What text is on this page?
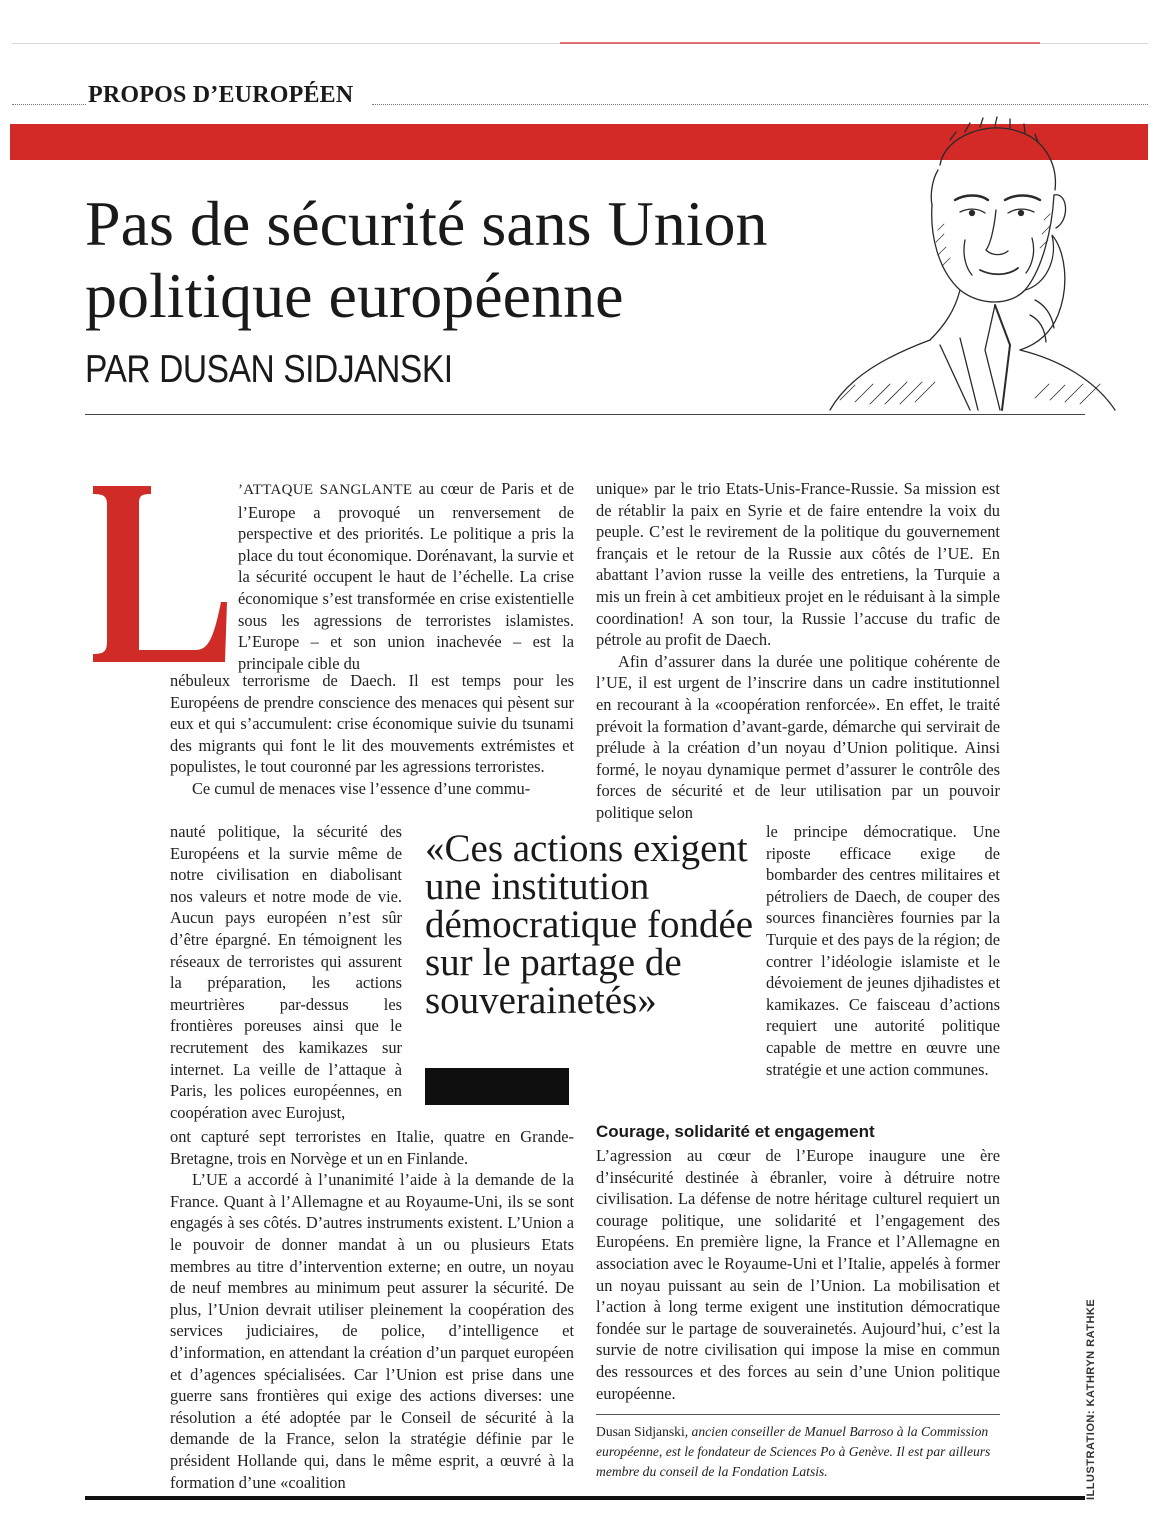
PROPOS D’EUROPÉEN
Pas de sécurité sans Union politique européenne
PAR DUSAN SIDJANSKI
’ATTAQUE SANGLANTE au cœur de Paris et de l’Europe a provoqué un renversement de perspective et des priorités. Le politique a pris la place du tout économique. Dorénavant, la survie et la sécurité occupent le haut de l’échelle. La crise économique s’est transformée en crise existentielle sous les agressions de terroristes islamistes. L’Europe – et son union inachevée – est la principale cible du

nébuleux terrorisme de Daech. Il est temps pour les Européens de prendre conscience des menaces qui pèsent sur eux et qui s’accumulent: crise économique suivie du tsunami des migrants qui font le lit des mouvements extrémistes et populistes, le tout couronné par les agressions terroristes.

Ce cumul de menaces vise l’essence d’une commu-

nauté politique, la sécurité des Européens et la survie même de notre civilisation en diabolisant nos valeurs et notre mode de vie. Aucun pays européen n’est sûr d’être épargné. En témoignent les réseaux de terroristes qui assurent la préparation, les actions meurtrières par-dessus les frontières poreuses ainsi que le recrutement des kamikazes sur internet. La veille de l’attaque à Paris, les polices européennes, en coopération avec Eurojust,

ont capturé sept terroristes en Italie, quatre en Grande-Bretagne, trois en Norvège et un en Finlande.

L’UE a accordé à l’unanimité l’aide à la demande de la France. Quant à l’Allemagne et au Royaume-Uni, ils se sont engagés à ses côtés. D’autres instruments existent. L’Union a le pouvoir de donner mandat à un ou plusieurs Etats membres au titre d’intervention externe; en outre, un noyau de neuf membres au minimum peut assurer la sécurité. De plus, l’Union devrait utiliser pleinement la coopération des services judiciaires, de police, d’intelligence et d’information, en attendant la création d’un parquet européen et d’agences spécialisées. Car l’Union est prise dans une guerre sans frontières qui exige des actions diverses: une résolution a été adoptée par le Conseil de sécurité à la demande de la France, selon la stratégie définie par le président Hollande qui, dans le même esprit, a œuvré à la formation d’une «coalition

unique» par le trio Etats-Unis-France-Russie. Sa mission est de rétablir la paix en Syrie et de faire entendre la voix du peuple. C’est le revirement de la politique du gouvernement français et le retour de la Russie aux côtés de l’UE. En abattant l’avion russe la veille des entretiens, la Turquie a mis un frein à cet ambitieux projet en le réduisant à la simple coordination! A son tour, la Russie l’accuse du trafic de pétrole au profit de Daech.

Afin d’assurer dans la durée une politique cohérente de l’UE, il est urgent de l’inscrire dans un cadre institutionnel en recourant à la «coopération renforcée». En effet, le traité prévoit la formation d’avant-garde, démarche qui servirait de prélude à la création d’un noyau d’Union politique. Ainsi formé, le noyau dynamique permet d’assurer le contrôle des forces de sécurité et de leur utilisation par un pouvoir politique selon

le principe démocratique. Une riposte efficace exige de bombarder des centres militaires et pétroliers de Daech, de couper des sources financières fournies par la Turquie et des pays de la région; de contrer l’idéologie islamiste et le dévoiement de jeunes djihadistes et kamikazes. Ce faisceau d’actions requiert une autorité politique capable de mettre en œuvre une stratégie et une action communes.

«Ces actions exigent une institution démocratique fondée sur le partage de souverainetés»

Courage, solidarité et engagement

L’agression au cœur de l’Europe inaugure une ère d’insécurité destinée à ébranler, voire à détruire notre civilisation. La défense de notre héritage culturel requiert un courage politique, une solidarité et l’engagement des Européens. En première ligne, la France et l’Allemagne en association avec le Royaume-Uni et l’Italie, appelés à former un noyau puissant au sein de l’Union. La mobilisation et l’action à long terme exigent une institution démocratique fondée sur le partage de souverainetés. Aujourd’hui, c’est la survie de notre civilisation qui impose la mise en commun des ressources et des forces au sein d’une Union politique européenne.

Dusan Sidjanski, ancien conseiller de Manuel Barroso à la Commission européenne, est le fondateur de Sciences Po à Genève. Il est par ailleurs membre du conseil de la Fondation Latsis.	ILLUSTRATION: KATHRYN RATHKE
